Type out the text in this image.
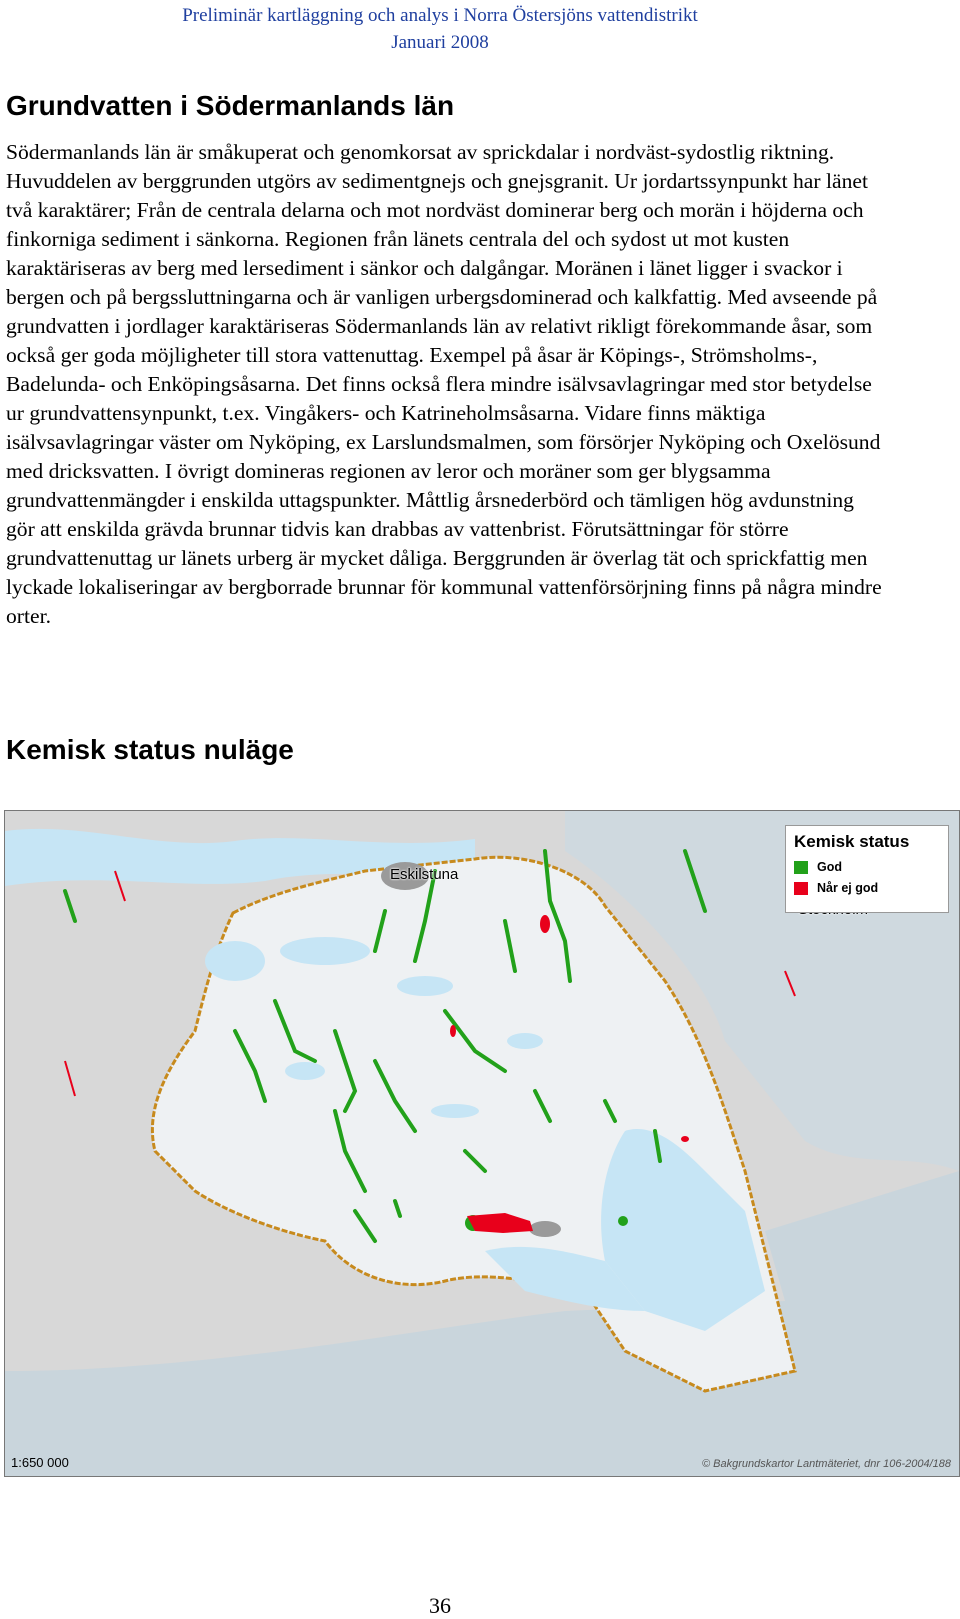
Preliminär kartläggning och analys i Norra Östersjöns vattendistrikt
Januari 2008
Grundvatten i Södermanlands län

Södermanlands län är småkuperat och genomkorsat av sprickdalar i nordväst-sydostlig riktning. Huvuddelen av berggrunden utgörs av sedimentgnejs och gnejsgranit. Ur jordartssynpunkt har länet två karaktärer; Från de centrala delarna och mot nordväst dominerar berg och morän i höjderna och finkorniga sediment i sänkorna. Regionen från länets centrala del och sydost ut mot kusten karaktäriseras av berg med lersediment i sänkor och dalgångar. Moränen i länet ligger i svackor i bergen och på bergssluttningarna och är vanligen urbergsdominerad och kalkfattig. Med avseende på grundvatten i jordlager karaktäriseras Södermanlands län av relativt rikligt förekommande åsar, som också ger goda möjligheter till stora vattenuttag. Exempel på åsar är Köpings-, Strömsholms-, Badelunda- och Enköpingsåsarna. Det finns också flera mindre isälvsavlagringar med stor betydelse ur grundvattensynpunkt, t.ex. Vingåkers- och Katrineholmsåsarna. Vidare finns mäktiga isälvsavlagringar väster om Nyköping, ex Larslundsmalmen, som försörjer Nyköping och Oxelösund med dricksvatten. I övrigt domineras regionen av leror och moräner som ger blygsamma grundvattenmängder i enskilda uttagspunkter. Måttlig årsnederbörd och tämligen hög avdunstning gör att enskilda grävda brunnar tidvis kan drabbas av vattenbrist. Förutsättningar för större grundvattenuttag ur länets urberg är mycket dåliga. Berggrunden är överlag tät och sprickfattig men lyckade lokaliseringar av bergborrade brunnar för kommunal vattenförsörjning finns på några mindre orter.

Kemisk status nuläge
Eskilstuna
Kemisk status
God
Når ej god
1:650 000	© Bakgrundskartor Lantmäteriet, dnr 106-2004/188
36
